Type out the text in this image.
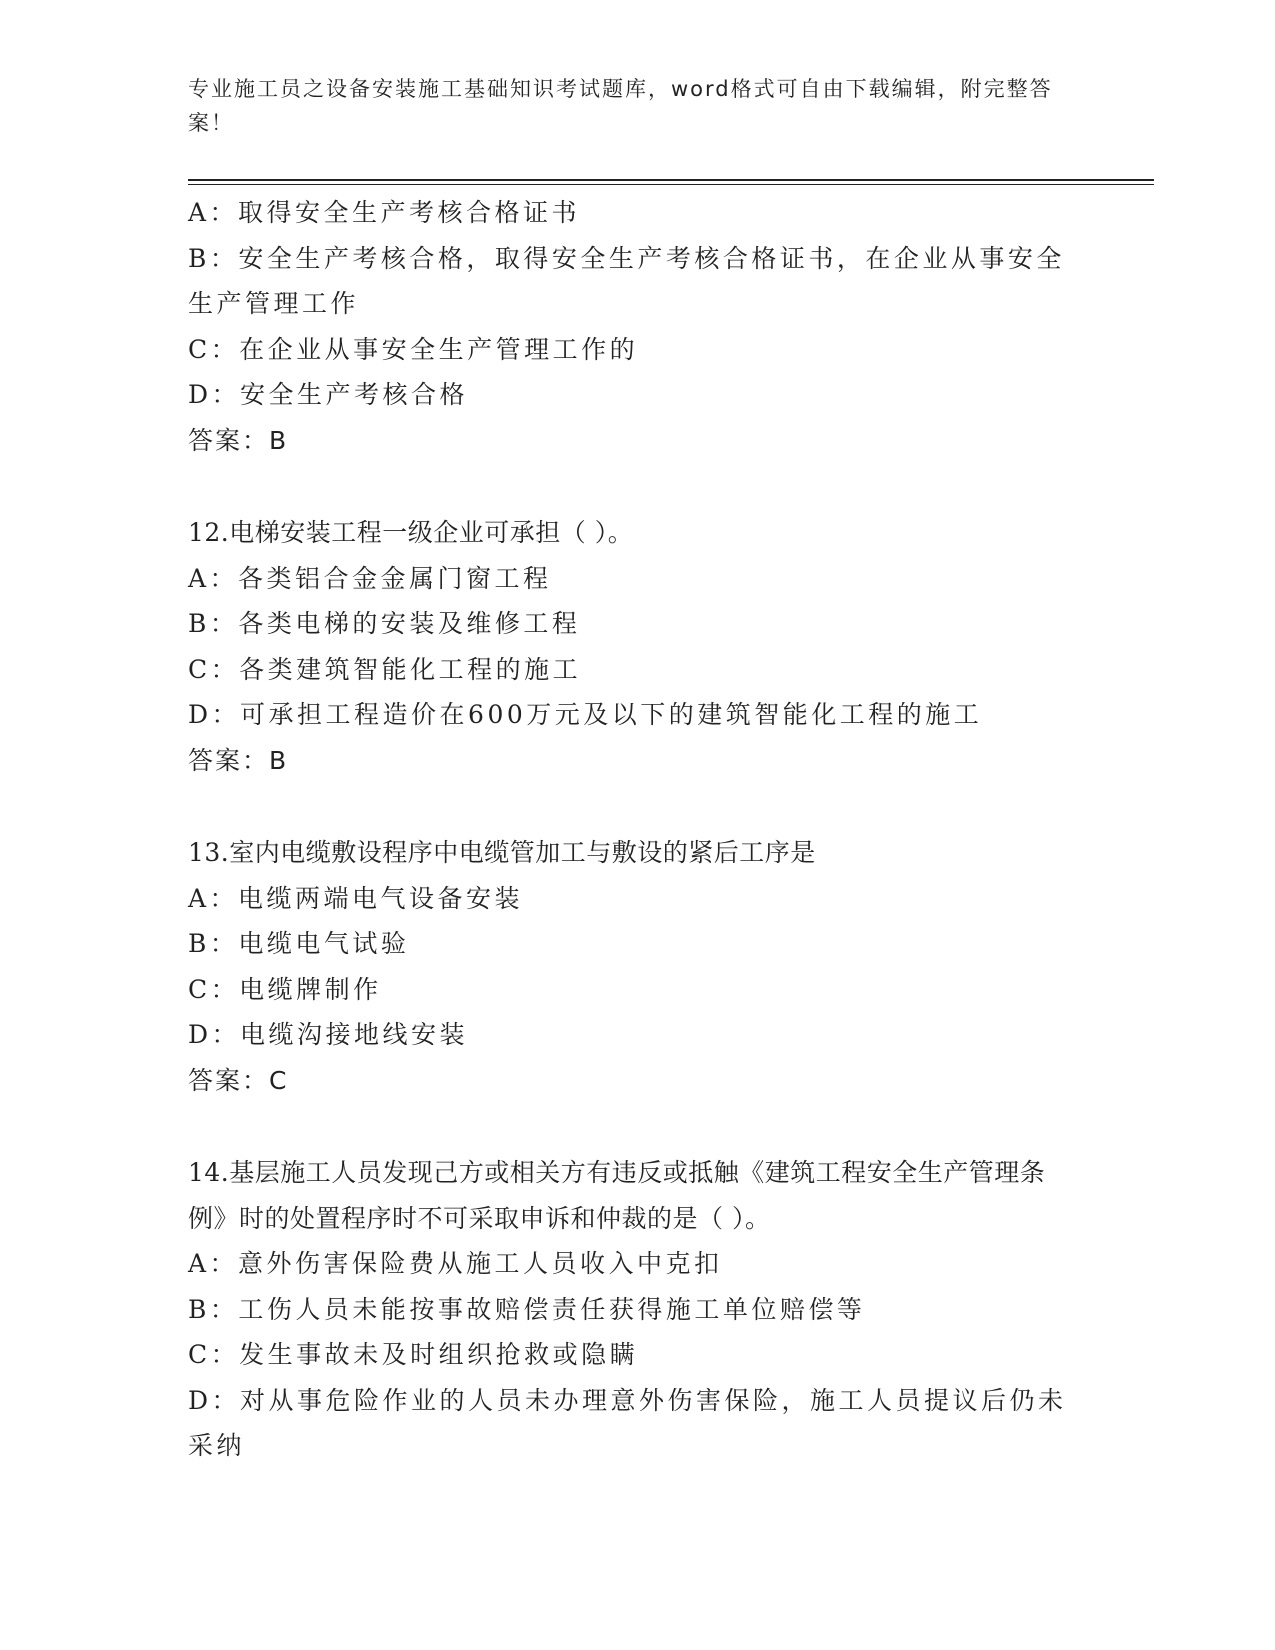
专业施工员之设备安装施工基础知识考试题库，word格式可自由下载编辑，附完整答案！

A：取得安全生产考核合格证书

B：安全生产考核合格，取得安全生产考核合格证书，在企业从事安全生产管理工作

C：在企业从事安全生产管理工作的

D：安全生产考核合格

答案：B

12.电梯安装工程一级企业可承担（ ）。

A：各类铝合金金属门窗工程

B：各类电梯的安装及维修工程

C：各类建筑智能化工程的施工

D：可承担工程造价在600万元及以下的建筑智能化工程的施工

答案：B

13.室内电缆敷设程序中电缆管加工与敷设的紧后工序是

A：电缆两端电气设备安装

B：电缆电气试验

C：电缆牌制作

D：电缆沟接地线安装

答案：C

14.基层施工人员发现己方或相关方有违反或抵触《建筑工程安全生产管理条例》时的处置程序时不可采取申诉和仲裁的是（ ）。

A：意外伤害保险费从施工人员收入中克扣

B：工伤人员未能按事故赔偿责任获得施工单位赔偿等

C：发生事故未及时组织抢救或隐瞒

D：对从事危险作业的人员未办理意外伤害保险，施工人员提议后仍未采纳
